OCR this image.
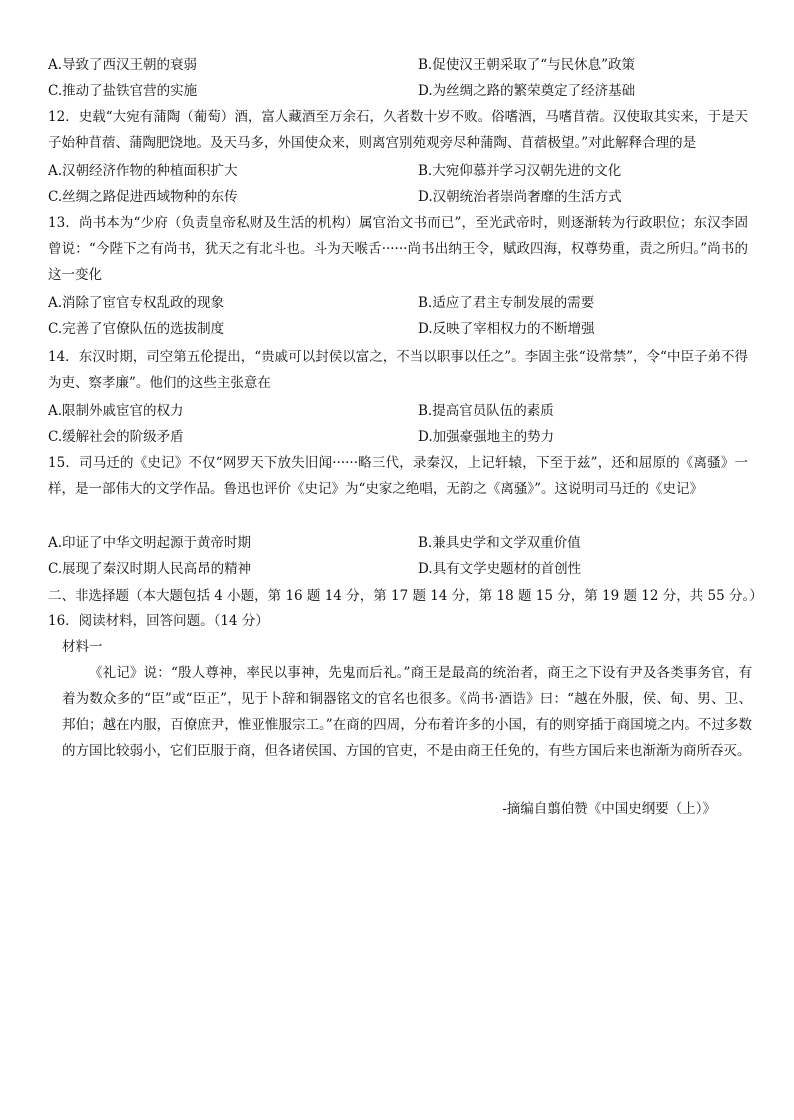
A.导致了西汉王朝的衰弱	B.促使汉王朝采取了“与民休息”政策
C.推动了盐铁官营的实施	D.为丝绸之路的繁荣奠定了经济基础
12．史载“大宛有蒲陶（葡萄）酒，富人藏酒至万余石，久者数十岁不败。俗嗜酒，马嗜苜蓿。汉使取其实来，于是天子始种苜蓿、蒲陶肥饶地。及天马多，外国使众来，则离宫别苑观旁尽种蒲陶、苜蓿极望。”对此解释合理的是
A.汉朝经济作物的种植面积扩大	B.大宛仰慕并学习汉朝先进的文化
C.丝绸之路促进西域物种的东传	D.汉朝统治者崇尚奢靡的生活方式
13．尚书本为“少府（负责皇帝私财及生活的机构）属官治文书而已”，至光武帝时，则逐渐转为行政职位；东汉李固曾说：“今陛下之有尚书，犹天之有北斗也。斗为天喉舌······尚书出纳王令，赋政四海，权尊势重，责之所归。”尚书的这一变化
A.消除了宦官专权乱政的现象	B.适应了君主专制发展的需要
C.完善了官僚队伍的选拔制度	D.反映了宰相权力的不断增强
14．东汉时期，司空第五伦提出，“贵戚可以封侯以富之，不当以职事以任之”。李固主张“设常禁”，令“中臣子弟不得为吏、察孝廉”。他们的这些主张意在
A.限制外戚宦官的权力	B.提高官员队伍的素质
C.缓解社会的阶级矛盾	D.加强豪强地主的势力
15．司马迁的《史记》不仅“网罗天下放失旧闻······略三代，录秦汉，上记轩辕，下至于兹”，还和屈原的《离骚》一样，是一部伟大的文学作品。鲁迅也评价《史记》为“史家之绝唱，无韵之《离骚》”。这说明司马迁的《史记》
A.印证了中华文明起源于黄帝时期	B.兼具史学和文学双重价值
C.展现了秦汉时期人民高昂的精神	D.具有文学史题材的首创性
二、非选择题（本大题包括 4 小题，第 16 题 14 分，第 17 题 14 分，第 18 题 15 分，第 19 题 12 分，共 55 分。）
16．阅读材料，回答问题。（14 分）
材料一
《礼记》说：“殷人尊神，率民以事神，先鬼而后礼。”商王是最高的统治者，商王之下设有尹及各类事务官，有着为数众多的“臣”或“臣正”，见于卜辞和铜器铭文的官名也很多。《尚书·酒诰》曰：“越在外服，侯、甸、男、卫、邦伯；越在内服，百僚庶尹，惟亚惟服宗工。”在商的四周，分布着许多的小国，有的则穿插于商国境之内。不过多数的方国比较弱小，它们臣服于商，但各诸侯国、方国的官吏，不是由商王任免的，有些方国后来也渐渐为商所吞灭。
-摘编自翦伯赞《中国史纲要（上）》
